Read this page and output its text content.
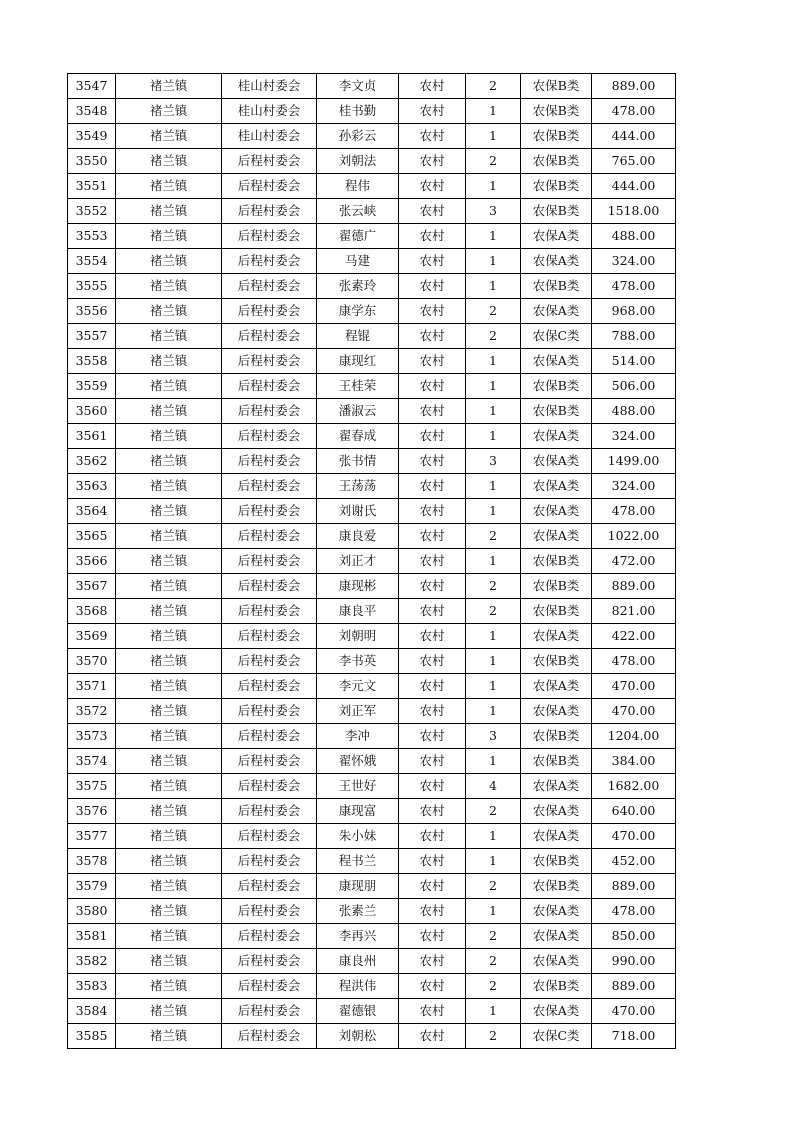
3547	褚兰镇	桂山村委会	李文贞	农村	2	农保B类	889.00
3548	褚兰镇	桂山村委会	桂书勤	农村	1	农保B类	478.00
3549	褚兰镇	桂山村委会	孙彩云	农村	1	农保B类	444.00
3550	褚兰镇	后程村委会	刘朝法	农村	2	农保B类	765.00
3551	褚兰镇	后程村委会	程伟	农村	1	农保B类	444.00
3552	褚兰镇	后程村委会	张云峡	农村	3	农保B类	1518.00
3553	褚兰镇	后程村委会	翟德广	农村	1	农保A类	488.00
3554	褚兰镇	后程村委会	马建	农村	1	农保A类	324.00
3555	褚兰镇	后程村委会	张素玲	农村	1	农保B类	478.00
3556	褚兰镇	后程村委会	康学东	农村	2	农保A类	968.00
3557	褚兰镇	后程村委会	程锟	农村	2	农保C类	788.00
3558	褚兰镇	后程村委会	康现红	农村	1	农保A类	514.00
3559	褚兰镇	后程村委会	王桂荣	农村	1	农保B类	506.00
3560	褚兰镇	后程村委会	潘淑云	农村	1	农保B类	488.00
3561	褚兰镇	后程村委会	翟春成	农村	1	农保A类	324.00
3562	褚兰镇	后程村委会	张书情	农村	3	农保A类	1499.00
3563	褚兰镇	后程村委会	王荡荡	农村	1	农保A类	324.00
3564	褚兰镇	后程村委会	刘谢氏	农村	1	农保A类	478.00
3565	褚兰镇	后程村委会	康良爱	农村	2	农保A类	1022.00
3566	褚兰镇	后程村委会	刘正才	农村	1	农保B类	472.00
3567	褚兰镇	后程村委会	康现彬	农村	2	农保B类	889.00
3568	褚兰镇	后程村委会	康良平	农村	2	农保B类	821.00
3569	褚兰镇	后程村委会	刘朝明	农村	1	农保A类	422.00
3570	褚兰镇	后程村委会	李书英	农村	1	农保B类	478.00
3571	褚兰镇	后程村委会	李元文	农村	1	农保A类	470.00
3572	褚兰镇	后程村委会	刘正军	农村	1	农保A类	470.00
3573	褚兰镇	后程村委会	李冲	农村	3	农保B类	1204.00
3574	褚兰镇	后程村委会	翟怀娥	农村	1	农保B类	384.00
3575	褚兰镇	后程村委会	王世好	农村	4	农保A类	1682.00
3576	褚兰镇	后程村委会	康现富	农村	2	农保A类	640.00
3577	褚兰镇	后程村委会	朱小妹	农村	1	农保A类	470.00
3578	褚兰镇	后程村委会	程书兰	农村	1	农保B类	452.00
3579	褚兰镇	后程村委会	康现朋	农村	2	农保B类	889.00
3580	褚兰镇	后程村委会	张素兰	农村	1	农保A类	478.00
3581	褚兰镇	后程村委会	李再兴	农村	2	农保A类	850.00
3582	褚兰镇	后程村委会	康良州	农村	2	农保A类	990.00
3583	褚兰镇	后程村委会	程洪伟	农村	2	农保B类	889.00
3584	褚兰镇	后程村委会	翟德银	农村	1	农保A类	470.00
3585	褚兰镇	后程村委会	刘朝松	农村	2	农保C类	718.00
